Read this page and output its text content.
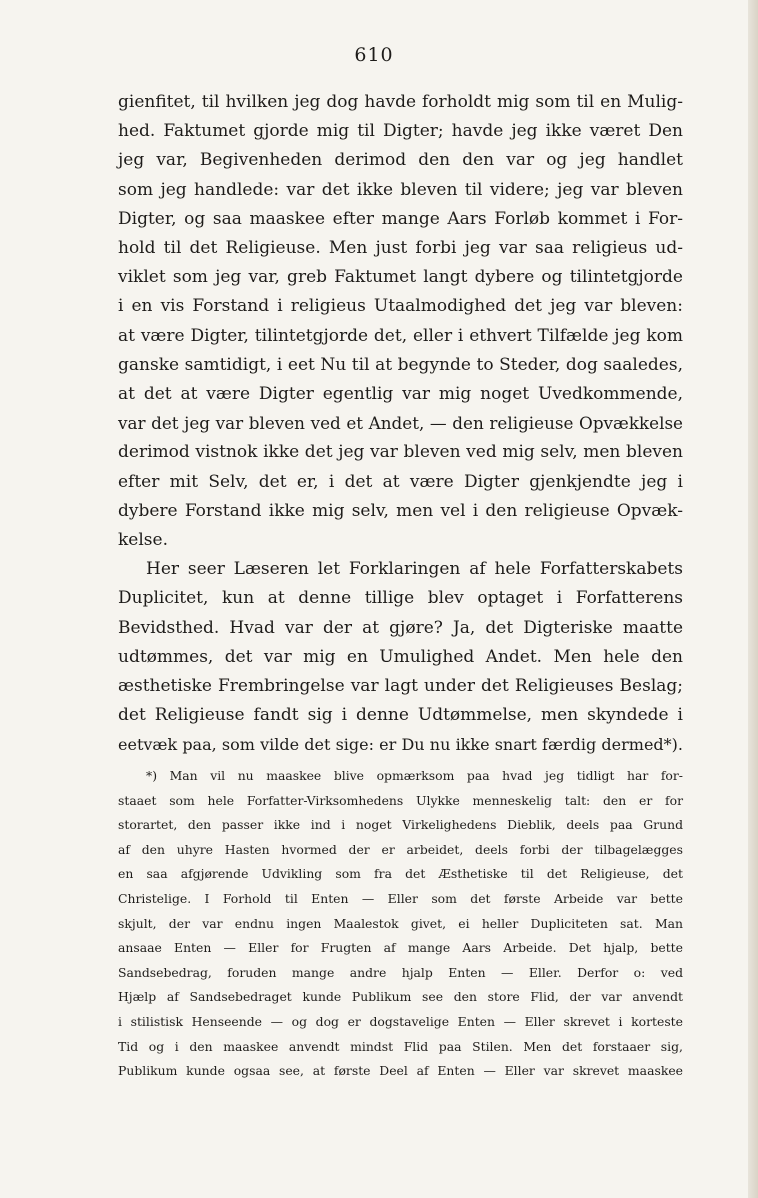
610
gienfitet, til hvilken jeg dog havde forholdt mig som til en Mulig-
hed. Faktumet gjorde mig til Digter; havde jeg ikke været Den
jeg var, Begivenheden derimod den den var og jeg handlet
som jeg handlede: var det ikke bleven til videre; jeg var bleven
Digter, og saa maaskee efter mange Aars Forløb kommet i For-
hold til det Religieuse. Men just forbi jeg var saa religieus ud-
viklet som jeg var, greb Faktumet langt dybere og tilintetgjorde
i en vis Forstand i religieus Utaalmodighed det jeg var bleven:
at være Digter, tilintetgjorde det, eller i ethvert Tilfælde jeg kom
ganske samtidigt, i eet Nu til at begynde to Steder, dog saaledes,
at det at være Digter egentlig var mig noget Uvedkommende,
var det jeg var bleven ved et Andet, — den religieuse Opvækkelse
derimod vistnok ikke det jeg var bleven ved mig selv, men bleven
efter mit Selv, det er, i det at være Digter gjenkjendte jeg i
dybere Forstand ikke mig selv, men vel i den religieuse Opvæk-
kelse.
Her seer Læseren let Forklaringen af hele Forfatterskabets
Duplicitet, kun at denne tillige blev optaget i Forfatterens
Bevidsthed. Hvad var der at gjøre? Ja, det Digteriske maatte
udtømmes, det var mig en Umulighed Andet. Men hele den
æsthetiske Frembringelse var lagt under det Religieuses Beslag;
det Religieuse fandt sig i denne Udtømmelse, men skyndede i
eetvæk paa, som vilde det sige: er Du nu ikke snart færdig dermed*).
*) Man vil nu maaskee blive opmærksom paa hvad jeg tidligt har for-
staaet som hele Forfatter-Virksomhedens Ulykke menneskelig talt: den er for
storartet, den passer ikke ind i noget Virkelighedens Dieblik, deels paa Grund
af den uhyre Hasten hvormed der er arbeidet, deels forbi der tilbagelægges
en saa afgjørende Udvikling som fra det Æsthetiske til det Religieuse, det
Christelige. I Forhold til Enten — Eller som det første Arbeide var bette
skjult, der var endnu ingen Maalestok givet, ei heller Dupliciteten sat. Man
ansaae Enten — Eller for Frugten af mange Aars Arbeide. Det hjalp, bette
Sandsebedrag, foruden mange andre hjalp Enten — Eller. Derfor o: ved
Hjælp af Sandsebedraget kunde Publikum see den store Flid, der var anvendt
i stilistisk Henseende — og dog er dogstavelige Enten — Eller skrevet i korteste
Tid og i den maaskee anvendt mindst Flid paa Stilen. Men det forstaaer sig,
Publikum kunde ogsaa see, at første Deel af Enten — Eller var skrevet maaskee
